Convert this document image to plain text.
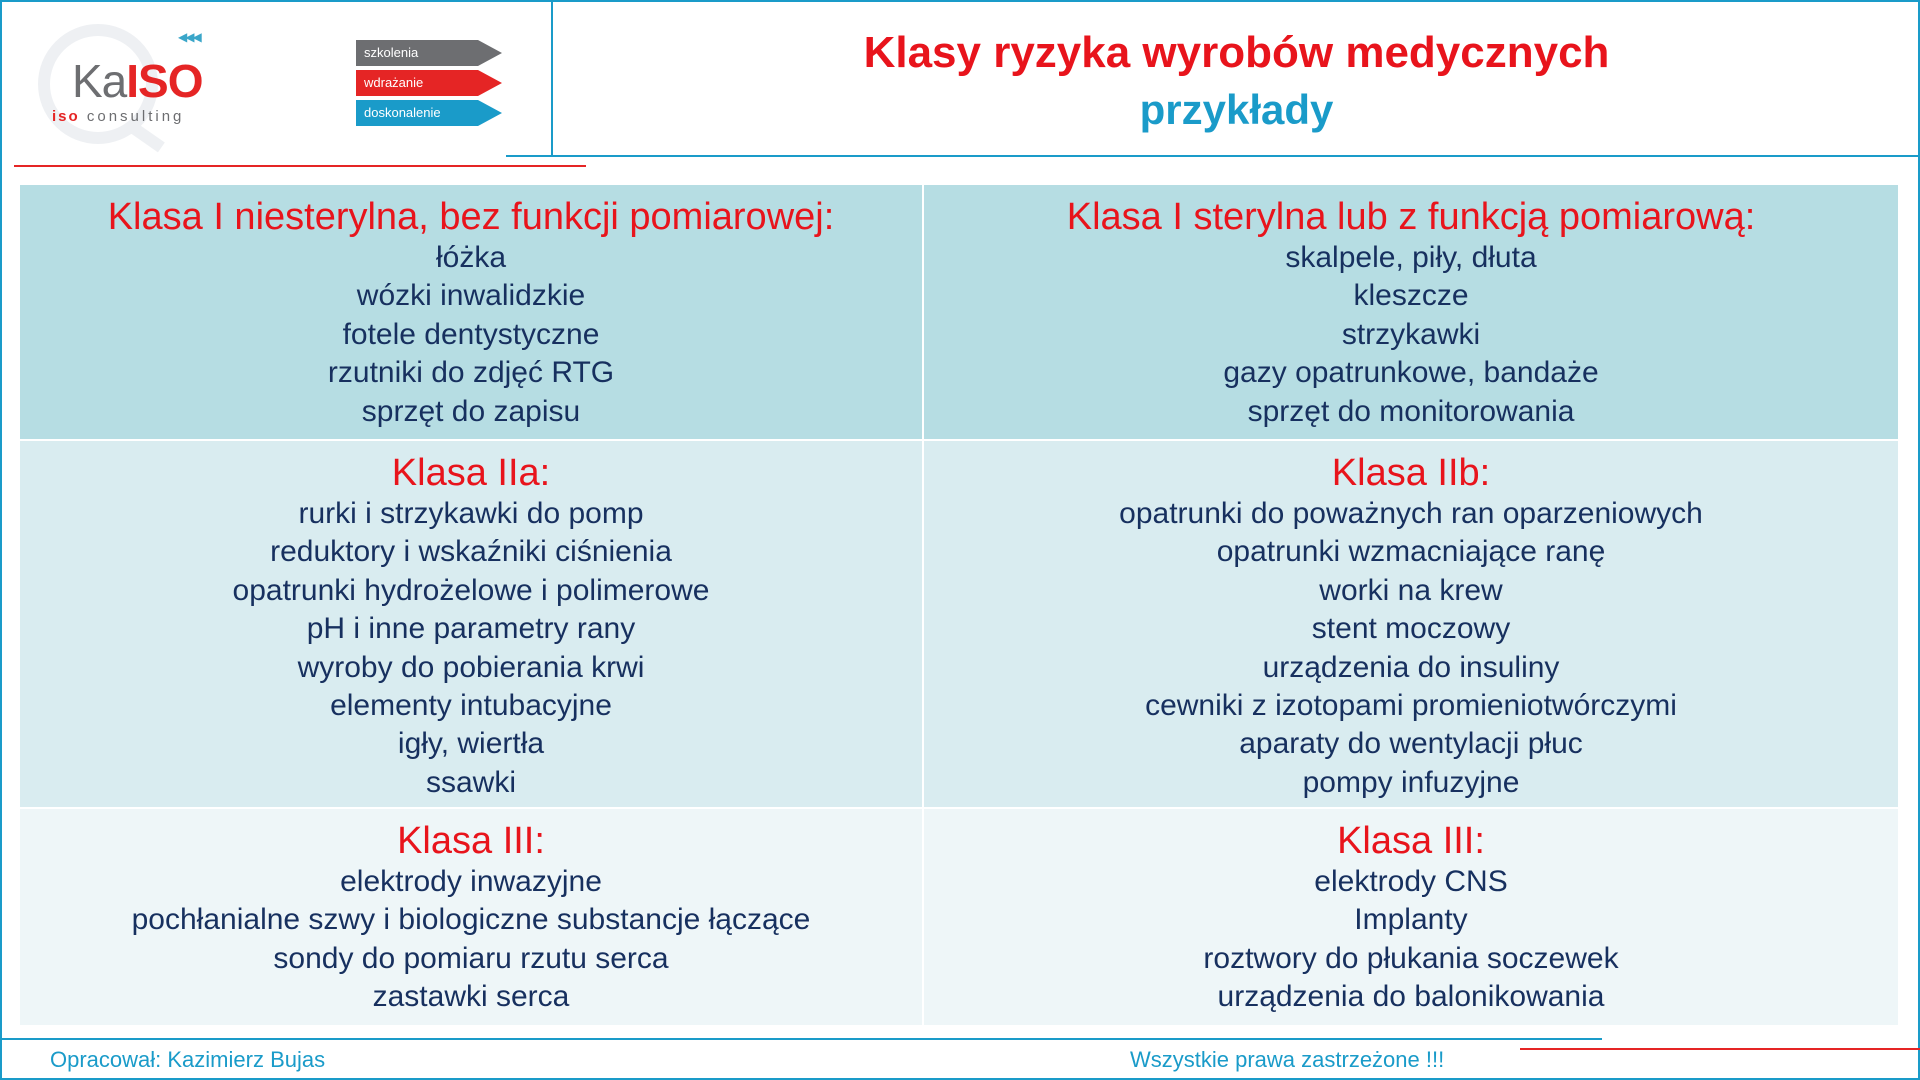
◀◀◀
KaISO
iso consulting
szkolenia
wdrażanie
doskonalenie
Klasy ryzyka wyrobów medycznych
przykłady
Klasa I niesterylna, bez funkcji pomiarowej:
łóżka
wózki inwalidzkie
fotele dentystyczne
rzutniki do zdjęć RTG
sprzęt do zapisu
Klasa I sterylna lub z funkcją pomiarową:
skalpele, piły, dłuta
kleszcze
strzykawki
gazy opatrunkowe, bandaże
sprzęt do monitorowania
Klasa IIa:
rurki i strzykawki do pomp
reduktory i wskaźniki ciśnienia
opatrunki hydrożelowe i polimerowe
pH i inne parametry rany
wyroby do pobierania krwi
elementy intubacyjne
igły, wiertła
ssawki
Klasa IIb:
opatrunki do poważnych ran oparzeniowych
opatrunki wzmacniające ranę
worki na krew
stent moczowy
urządzenia do insuliny
cewniki z izotopami promieniotwórczymi
aparaty do wentylacji płuc
pompy infuzyjne
Klasa III:
elektrody inwazyjne
pochłanialne szwy i biologiczne substancje łączące
sondy do pomiaru rzutu serca
zastawki serca
Klasa III:
elektrody CNS
Implanty
roztwory do płukania soczewek
urządzenia do balonikowania
Opracował: Kazimierz Bujas	Wszystkie prawa zastrzeżone !!!
